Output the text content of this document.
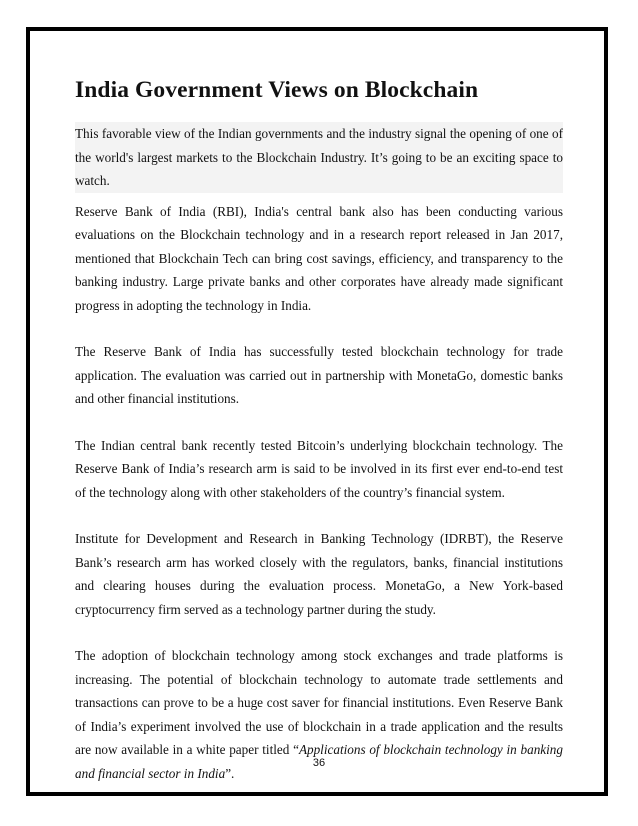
India Government Views on Blockchain
This favorable view of the Indian governments and the industry signal the opening of one of the world's largest markets to the Blockchain Industry. It’s going to be an exciting space to watch.

Reserve Bank of India (RBI), India's central bank also has been conducting various evaluations on the Blockchain technology and in a research report released in Jan 2017, mentioned that Blockchain Tech can bring cost savings, efficiency, and transparency to the banking industry. Large private banks and other corporates have already made significant progress in adopting the technology in India.

The Reserve Bank of India has successfully tested blockchain technology for trade application. The evaluation was carried out in partnership with MonetaGo, domestic banks and other financial institutions.

The Indian central bank recently tested Bitcoin’s underlying blockchain technology. The Reserve Bank of India’s research arm is said to be involved in its first ever end-to-end test of the technology along with other stakeholders of the country’s financial system.

Institute for Development and Research in Banking Technology (IDRBT), the Reserve Bank’s research arm has worked closely with the regulators, banks, financial institutions and clearing houses during the evaluation process. MonetaGo, a New York-based cryptocurrency firm served as a technology partner during the study.

The adoption of blockchain technology among stock exchanges and trade platforms is increasing. The potential of blockchain technology to automate trade settlements and transactions can prove to be a huge cost saver for financial institutions. Even Reserve Bank of India’s experiment involved the use of blockchain in a trade application and the results are now available in a white paper titled “Applications of blockchain technology in banking and financial sector in India”.

36
